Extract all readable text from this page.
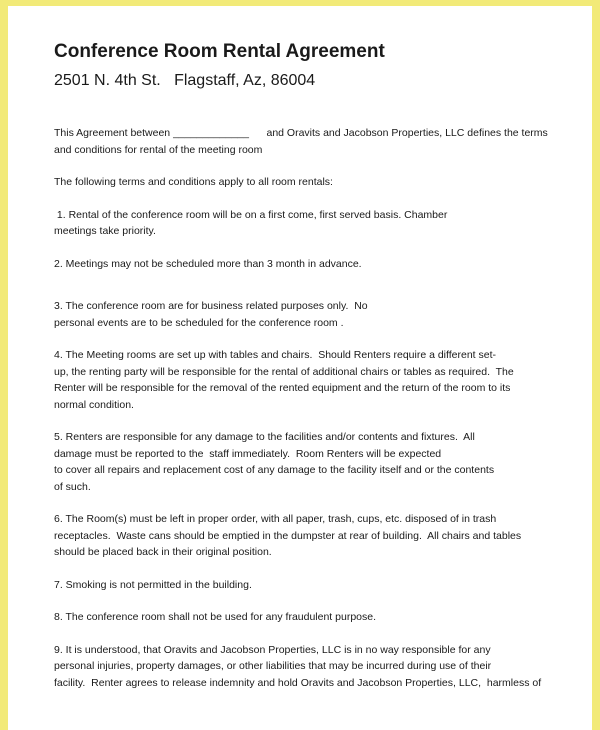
Conference Room Rental Agreement
2501 N. 4th St.   Flagstaff, Az, 86004

This Agreement between _____________      and Oravits and Jacobson Properties, LLC defines the terms
and conditions for rental of the meeting room

The following terms and conditions apply to all room rentals:

1. Rental of the conference room will be on a first come, first served basis. Chamber
meetings take priority.

2. Meetings may not be scheduled more than 3 month in advance.

3. The conference room are for business related purposes only.  No
personal events are to be scheduled for the conference room .

4. The Meeting rooms are set up with tables and chairs.  Should Renters require a different set-
up, the renting party will be responsible for the rental of additional chairs or tables as required.  The
Renter will be responsible for the removal of the rented equipment and the return of the room to its
normal condition.

5. Renters are responsible for any damage to the facilities and/or contents and fixtures.  All
damage must be reported to the  staff immediately.  Room Renters will be expected
to cover all repairs and replacement cost of any damage to the facility itself and or the contents
of such.

6. The Room(s) must be left in proper order, with all paper, trash, cups, etc. disposed of in trash
receptacles.  Waste cans should be emptied in the dumpster at rear of building.  All chairs and tables
should be placed back in their original position.

7. Smoking is not permitted in the building.

8. The conference room shall not be used for any fraudulent purpose.

9. It is understood, that Oravits and Jacobson Properties, LLC is in no way responsible for any
personal injuries, property damages, or other liabilities that may be incurred during use of their
facility.  Renter agrees to release indemnity and hold Oravits and Jacobson Properties, LLC,  harmless of
